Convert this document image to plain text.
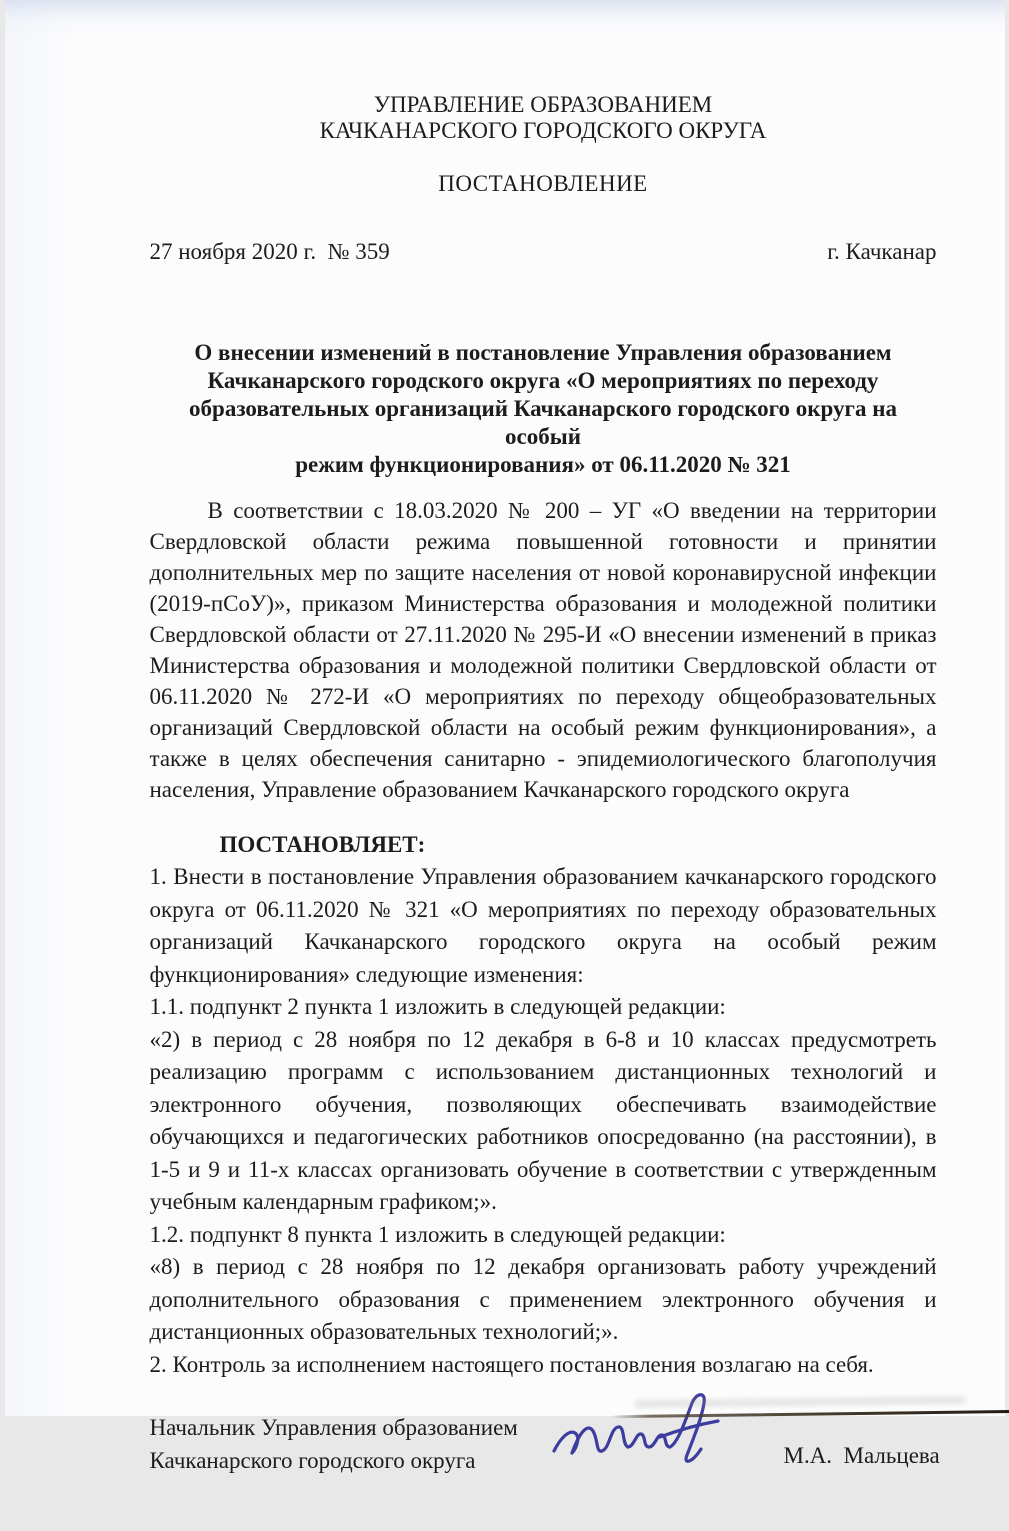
УПРАВЛЕНИЕ ОБРАЗОВАНИЕМ
КАЧКАНАРСКОГО ГОРОДСКОГО ОКРУГА
ПОСТАНОВЛЕНИЕ
27 ноября 2020 г.  № 359	г. Качканар
О внесении изменений в постановление Управления образованием
Качканарского городского округа «О мероприятиях по переходу
образовательных организаций Качканарского городского округа на особый
режим функционирования» от 06.11.2020 № 321

В соответствии с 18.03.2020 № 200 – УГ «О введении на территории Свердловской области режима повышенной готовности и принятии дополнительных мер по защите населения от новой коронавирусной инфекции (2019-пСоУ)», приказом Министерства образования и молодежной политики Свердловской области от 27.11.2020 № 295-И «О внесении изменений в приказ Министерства образования и молодежной политики Свердловской области от 06.11.2020 № 272-И «О мероприятиях по переходу общеобразовательных организаций Свердловской области на особый режим функционирования», а также в целях обеспечения санитарно - эпидемиологического благополучия населения, Управление образованием Качканарского городского округа

ПОСТАНОВЛЯЕТ:

1. Внести в постановление Управления образованием качканарского городского округа от 06.11.2020 № 321 «О мероприятиях по переходу образовательных организаций Качканарского городского округа на особый режим функционирования» следующие изменения:

1.1. подпункт 2 пункта 1 изложить в следующей редакции:

«2) в период с 28 ноября по 12 декабря в 6-8 и 10 классах предусмотреть реализацию программ с использованием дистанционных технологий и электронного обучения, позволяющих обеспечивать взаимодействие обучающихся и педагогических работников опосредованно (на расстоянии), в 1-5 и 9 и 11-х классах организовать обучение в соответствии с утвержденным учебным календарным графиком;».

1.2. подпункт 8 пункта 1 изложить в следующей редакции:

«8) в период с 28 ноября по 12 декабря организовать работу учреждений дополнительного образования с применением электронного обучения и дистанционных образовательных технологий;».

2. Контроль за исполнением настоящего постановления возлагаю на себя.

Начальник Управления образованием
Качканарского городского округа	М.А.  Мальцева
